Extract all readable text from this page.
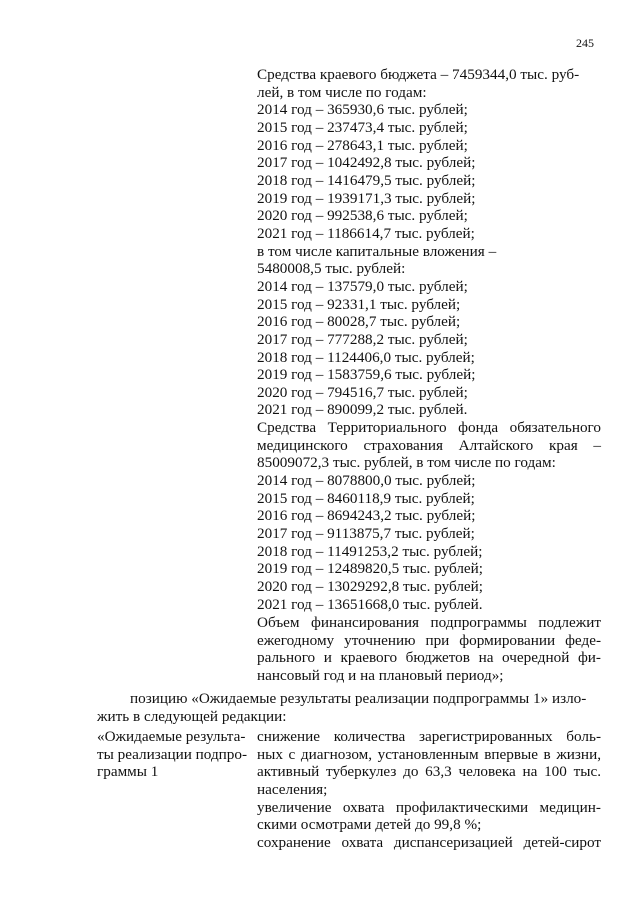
245
Средства краевого бюджета – 7459344,0 тыс. руб-
лей, в том числе по годам:
2014 год – 365930,6 тыс. рублей;
2015 год – 237473,4 тыс. рублей;
2016 год – 278643,1 тыс. рублей;
2017 год – 1042492,8 тыс. рублей;
2018 год – 1416479,5 тыс. рублей;
2019 год – 1939171,3 тыс. рублей;
2020 год – 992538,6 тыс. рублей;
2021 год – 1186614,7 тыс. рублей;
в том числе капитальные вложения –
5480008,5 тыс. рублей:
2014 год – 137579,0 тыс. рублей;
2015 год – 92331,1 тыс. рублей;
2016 год – 80028,7 тыс. рублей;
2017 год – 777288,2 тыс. рублей;
2018 год – 1124406,0 тыс. рублей;
2019 год – 1583759,6 тыс. рублей;
2020 год – 794516,7 тыс. рублей;
2021 год – 890099,2 тыс. рублей.
Средства Территориального фонда обязательного
медицинского страхования Алтайского края –
85009072,3 тыс. рублей, в том числе по годам:
2014 год – 8078800,0 тыс. рублей;
2015 год – 8460118,9 тыс. рублей;
2016 год – 8694243,2 тыс. рублей;
2017 год – 9113875,7 тыс. рублей;
2018 год – 11491253,2 тыс. рублей;
2019 год – 12489820,5 тыс. рублей;
2020 год – 13029292,8 тыс. рублей;
2021 год – 13651668,0 тыс. рублей.
Объем финансирования подпрограммы подлежит
ежегодному уточнению при формировании феде-
рального и краевого бюджетов на очередной фи-
нансовый год и на плановый период»;
позицию «Ожидаемые результаты реализации подпрограммы 1» изло-
жить в следующей редакции:
«Ожидаемые результа-
ты реализации подпро-
граммы 1
снижение количества зарегистрированных боль-
ных с диагнозом, установленным впервые в жизни,
активный туберкулез до 63,3 человека на 100 тыс.
населения;
увеличение охвата профилактическими медицин-
скими осмотрами детей до 99,8 %;
сохранение охвата диспансеризацией детей-сирот
